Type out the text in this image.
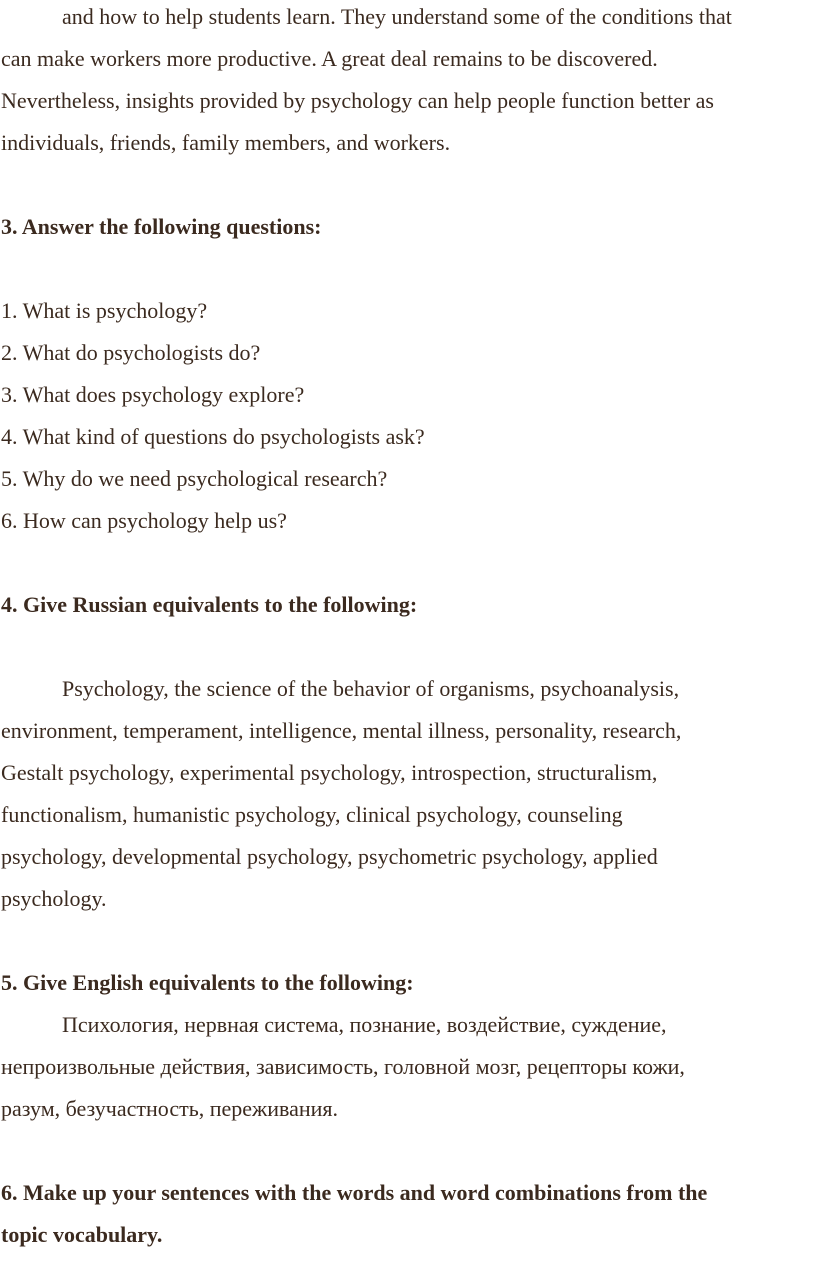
and how to help students learn. They understand some of the conditions that
can make workers more productive. A great deal remains to be discovered.
Nevertheless, insights provided by psychology can help people function better as
individuals, friends, family members, and workers.
3. Answer the following questions:
1. What is psychology?
2. What do psychologists do?
3. What does psychology explore?
4. What kind of questions do psychologists ask?
5. Why do we need psychological research?
6. How can psychology help us?
4. Give Russian equivalents to the following:
Psychology, the science of the behavior of organisms, psychoanalysis,
environment, temperament, intelligence, mental illness, personality, research,
Gestalt psychology, experimental psychology, introspection, structuralism,
functionalism, humanistic psychology, clinical psychology, counseling
psychology, developmental psychology, psychometric psychology, applied
psychology.
5. Give English equivalents to the following:
Психология, нервная система, познание, воздействие, суждение,
непроизвольные действия, зависимость, головной мозг, рецепторы кожи,
разум, безучастность, переживания.
6. Make up your sentences with the words and word combinations from the
topic vocabulary.
